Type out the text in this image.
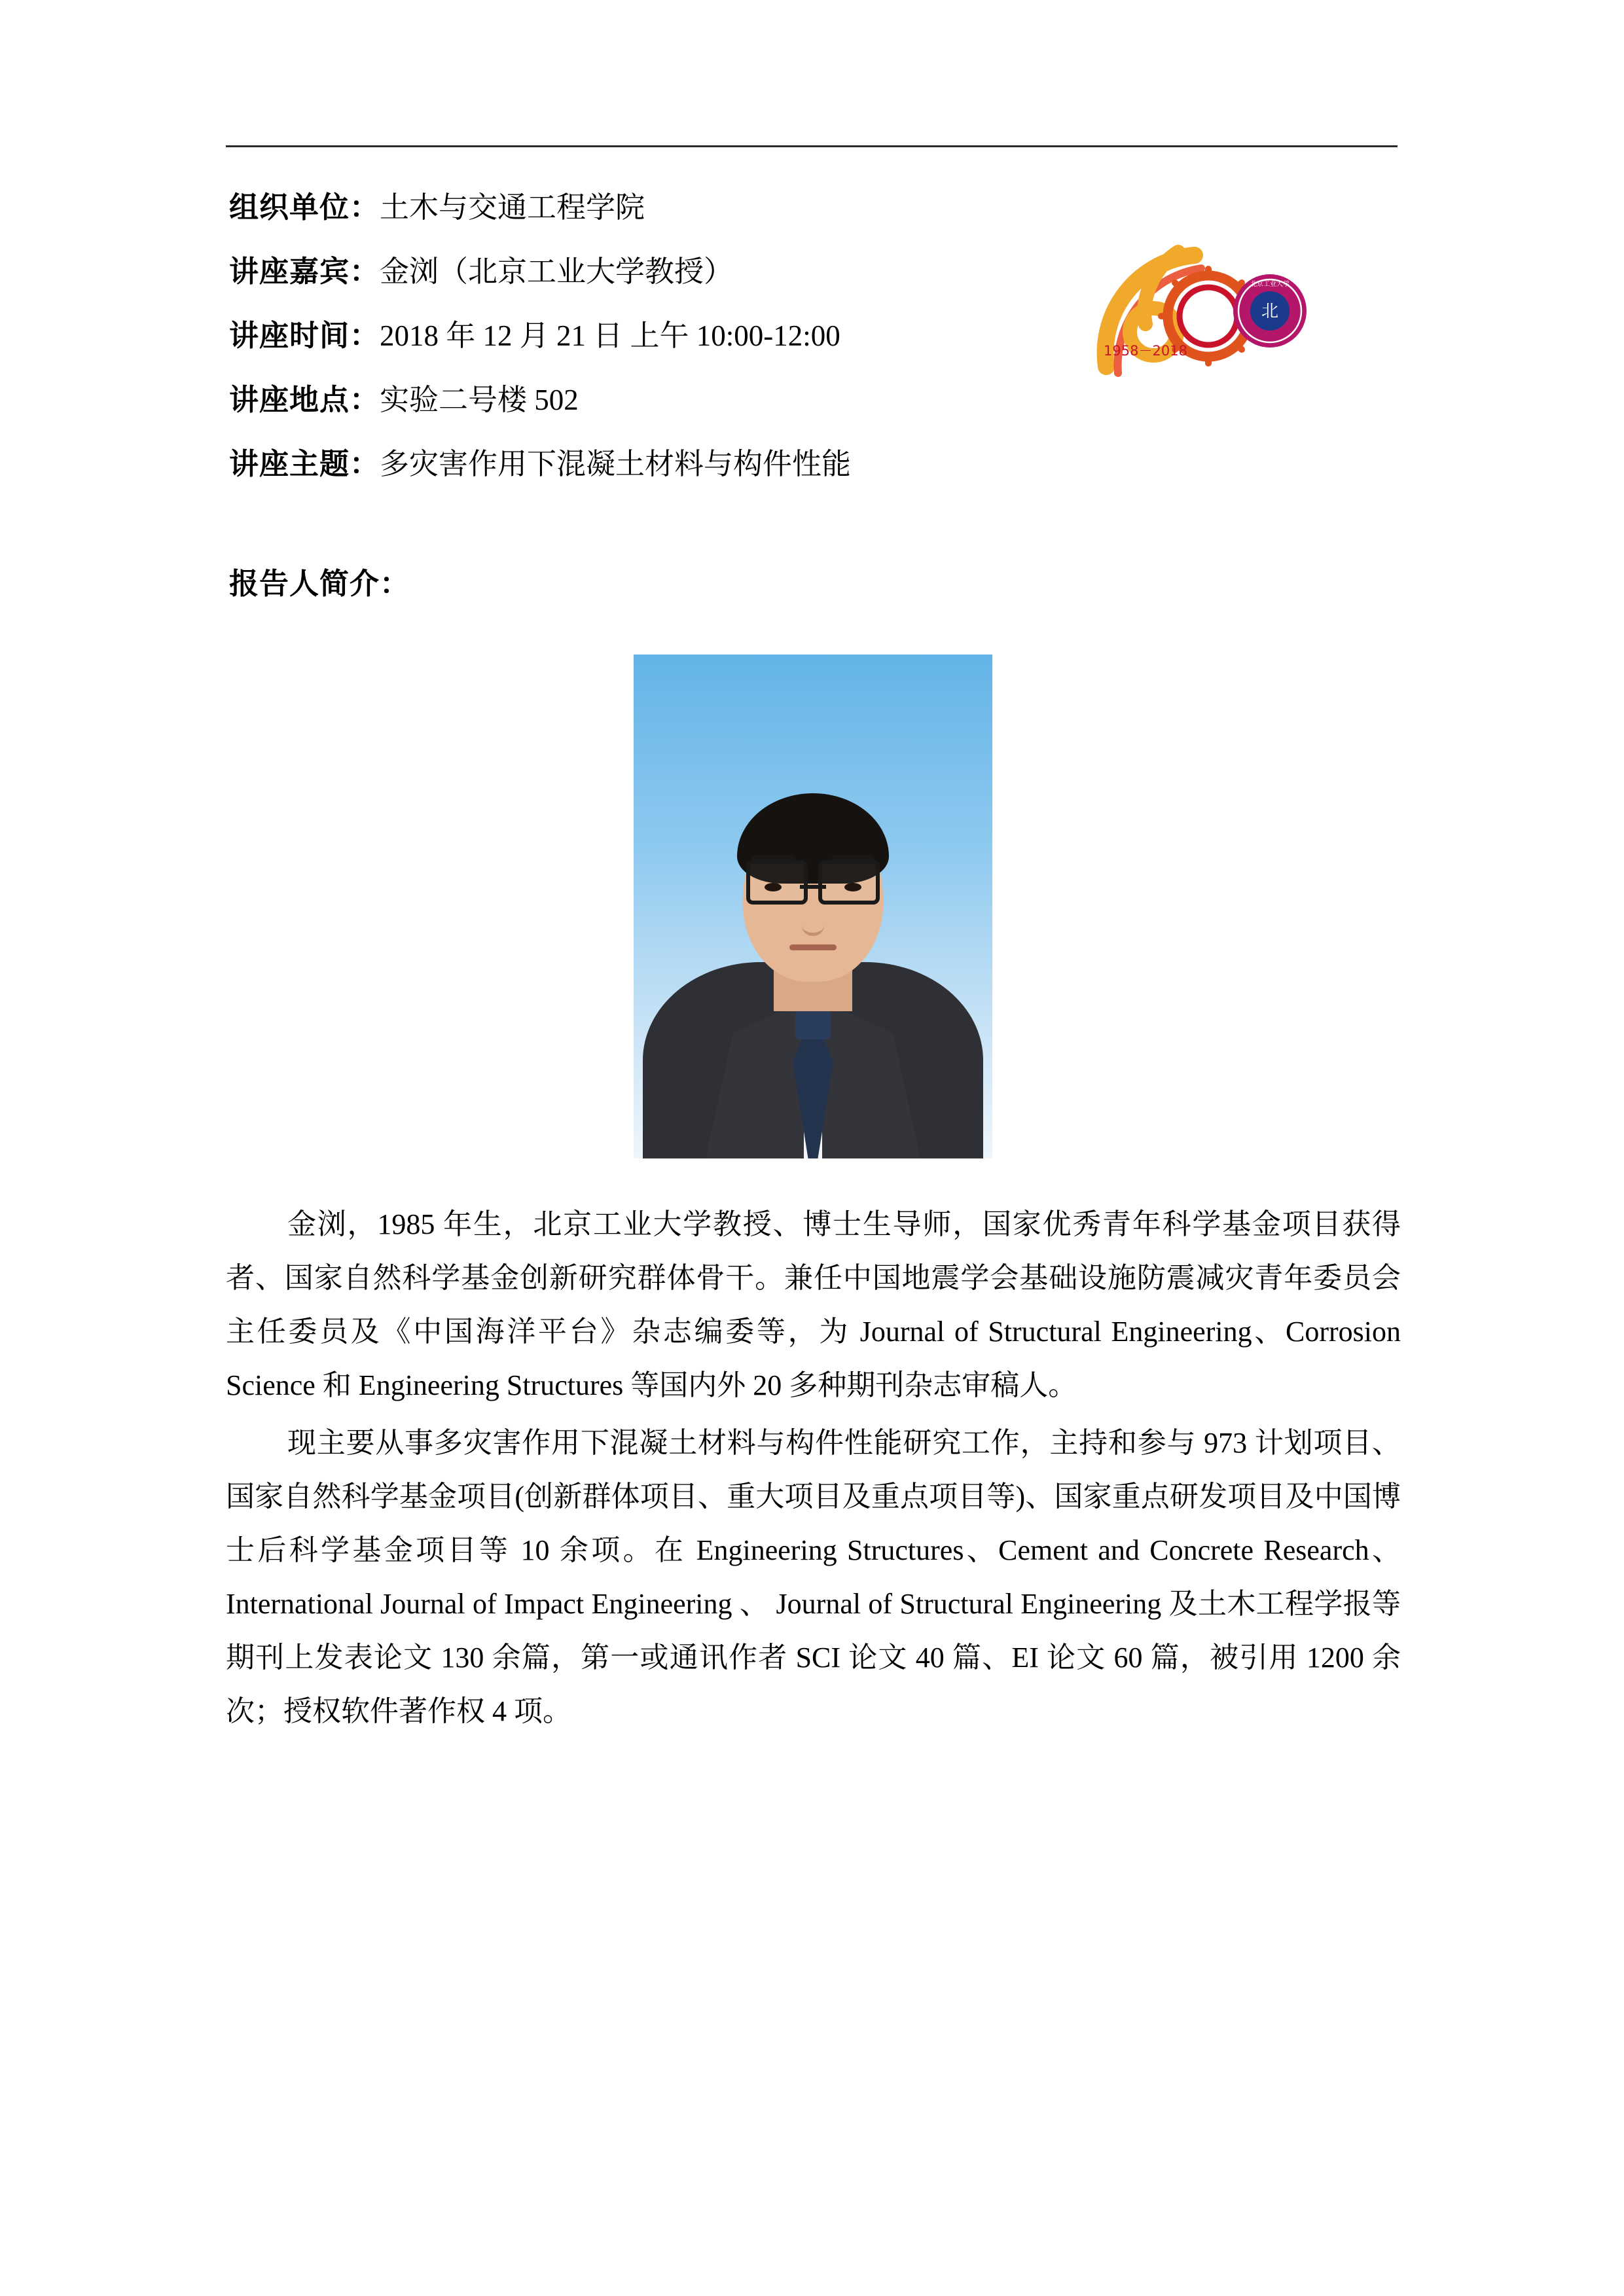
组织单位：土木与交通工程学院
讲座嘉宾：金浏（北京工业大学教授）
讲座时间：2018 年 12 月 21 日 上午 10:00-12:00
讲座地点：实验二号楼 502
讲座主题：多灾害作用下混凝土材料与构件性能
报告人简介：
北
北京工业大学
1958－2018

金浏，1985 年生，北京工业大学教授、博士生导师，国家优秀青年科学基金项目获得者、国家自然科学基金创新研究群体骨干。兼任中国地震学会基础设施防震减灾青年委员会主任委员及《中国海洋平台》杂志编委等，为 Journal of Structural Engineering、Corrosion Science 和 Engineering Structures 等国内外 20 多种期刊杂志审稿人。

现主要从事多灾害作用下混凝土材料与构件性能研究工作，主持和参与 973 计划项目、国家自然科学基金项目(创新群体项目、重大项目及重点项目等)、国家重点研发项目及中国博士后科学基金项目等 10 余项。在 Engineering Structures、Cement and Concrete Research、International Journal of Impact Engineering 、 Journal of Structural Engineering 及土木工程学报等期刊上发表论文 130 余篇，第一或通讯作者 SCI 论文 40 篇、EI 论文 60 篇，被引用 1200 余次；授权软件著作权 4 项。
